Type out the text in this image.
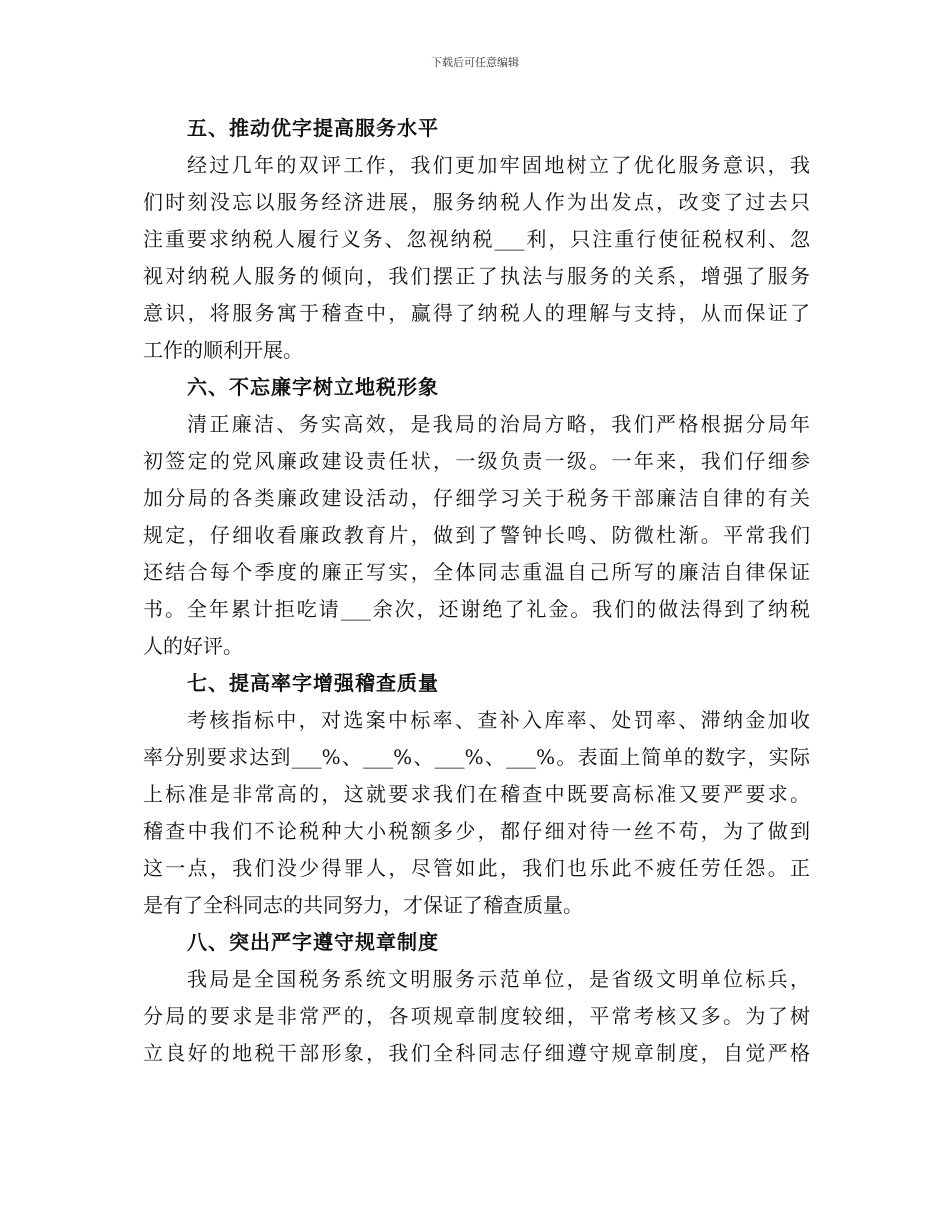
下载后可任意编辑
五、推动优字提高服务水平
经过几年的双评工作，我们更加牢固地树立了优化服务意识，我
们时刻没忘以服务经济进展，服务纳税人作为出发点，改变了过去只
注重要求纳税人履行义务、忽视纳税___利，只注重行使征税权利、忽
视对纳税人服务的倾向，我们摆正了执法与服务的关系，增强了服务
意识，将服务寓于稽查中，赢得了纳税人的理解与支持，从而保证了
工作的顺利开展。
六、不忘廉字树立地税形象
清正廉洁、务实高效，是我局的治局方略，我们严格根据分局年
初签定的党风廉政建设责任状，一级负责一级。一年来，我们仔细参
加分局的各类廉政建设活动，仔细学习关于税务干部廉洁自律的有关
规定，仔细收看廉政教育片，做到了警钟长鸣、防微杜渐。平常我们
还结合每个季度的廉正写实，全体同志重温自己所写的廉洁自律保证
书。全年累计拒吃请___余次，还谢绝了礼金。我们的做法得到了纳税
人的好评。
七、提高率字增强稽查质量
考核指标中，对选案中标率、查补入库率、处罚率、滞纳金加收
率分别要求达到___%、___%、___%、___%。表面上简单的数字，实际
上标准是非常高的，这就要求我们在稽查中既要高标准又要严要求。
稽查中我们不论税种大小税额多少，都仔细对待一丝不苟，为了做到
这一点，我们没少得罪人，尽管如此，我们也乐此不疲任劳任怨。正
是有了全科同志的共同努力，才保证了稽查质量。
八、突出严字遵守规章制度
我局是全国税务系统文明服务示范单位，是省级文明单位标兵，
分局的要求是非常严的，各项规章制度较细，平常考核又多。为了树
立良好的地税干部形象，我们全科同志仔细遵守规章制度，自觉严格
